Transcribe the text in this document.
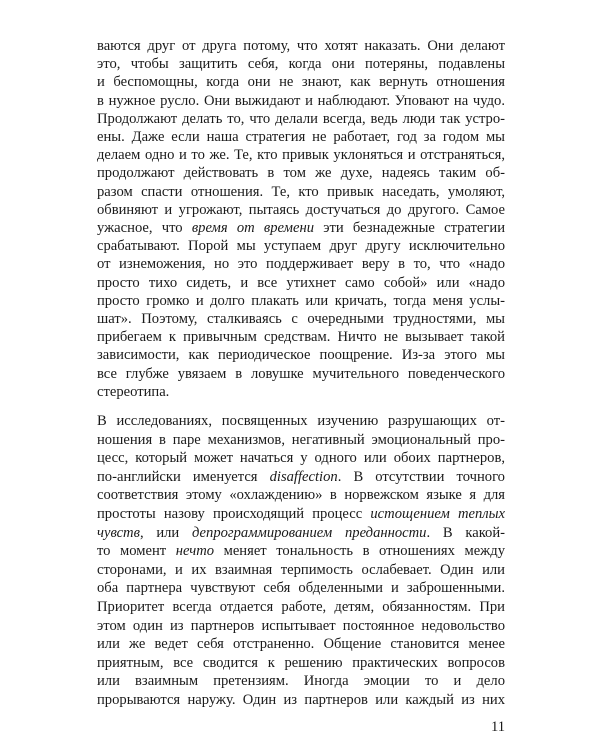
ваются друг от друга потому, что хотят наказать. Они делают
это, чтобы защитить себя, когда они потеряны, подавлены
и беспомощны, когда они не знают, как вернуть отношения
в нужное русло. Они выжидают и наблюдают. Уповают на чудо.
Продолжают делать то, что делали всегда, ведь люди так устро-
ены. Даже если наша стратегия не работает, год за годом мы
делаем одно и то же. Те, кто привык уклоняться и отстраняться,
продолжают действовать в том же духе, надеясь таким об-
разом спасти отношения. Те, кто привык наседать, умоляют,
обвиняют и угрожают, пытаясь достучаться до другого. Самое
ужасное, что время от времени эти безнадежные стратегии
срабатывают. Порой мы уступаем друг другу исключительно
от изнеможения, но это поддерживает веру в то, что «надо
просто тихо сидеть, и все утихнет само собой» или «надо
просто громко и долго плакать или кричать, тогда меня услы-
шат». Поэтому, сталкиваясь с очередными трудностями, мы
прибегаем к привычным средствам. Ничто не вызывает такой
зависимости, как периодическое поощрение. Из-за этого мы
все глубже увязаем в ловушке мучительного поведенческого
стереотипа.
В исследованиях, посвященных изучению разрушающих от-
ношения в паре механизмов, негативный эмоциональный про-
цесс, который может начаться у одного или обоих партнеров,
по-английски именуется disaffection. В отсутствии точного
соответствия этому «охлаждению» в норвежском языке я для
простоты назову происходящий процесс истощением теплых
чувств, или депрограммированием преданности. В какой-
то момент нечто меняет тональность в отношениях между
сторонами, и их взаимная терпимость ослабевает. Один или
оба партнера чувствуют себя обделенными и заброшенными.
Приоритет всегда отдается работе, детям, обязанностям. При
этом один из партнеров испытывает постоянное недовольство
или же ведет себя отстраненно. Общение становится менее
приятным, все сводится к решению практических вопросов
или взаимным претензиям. Иногда эмоции то и дело
прорываются наружу. Один из партнеров или каждый из них
11
